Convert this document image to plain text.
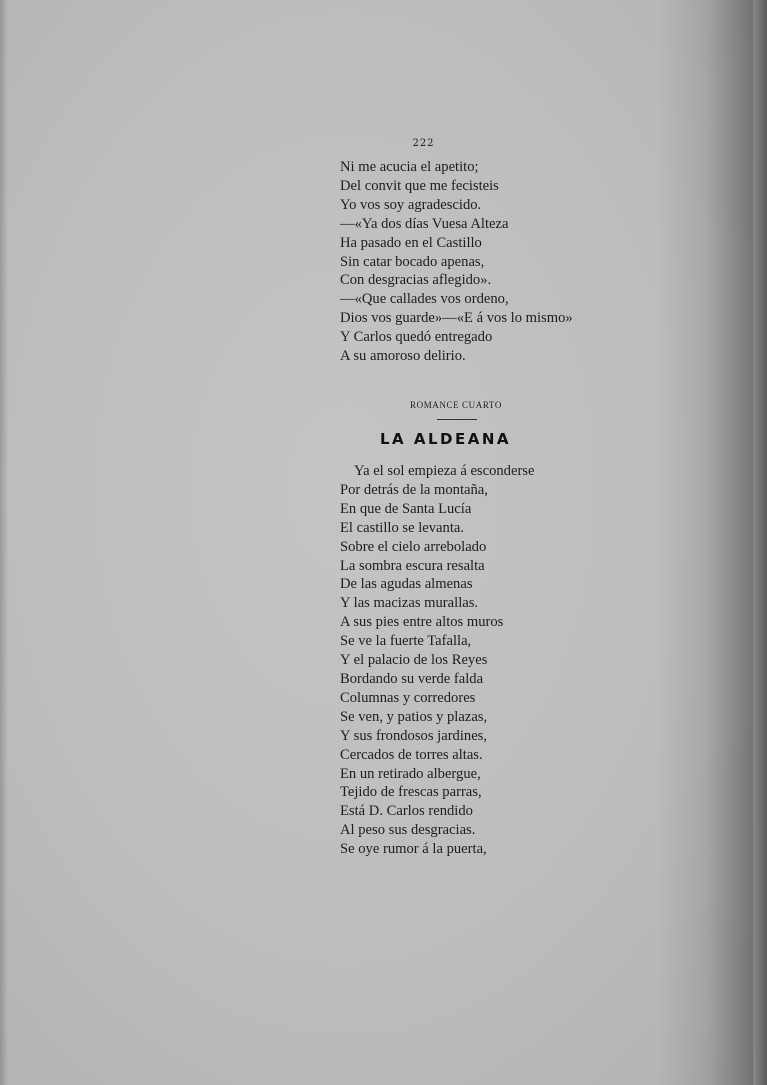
222
Ni me acucia el apetito;
Del convit que me fecisteis
Yo vos soy agradescido.
—«Ya dos días Vuesa Alteza
Ha pasado en el Castillo
Sin catar bocado apenas,
Con desgracias aflegido».
—«Que callades vos ordeno,
Dios vos guarde»—«E á vos lo mismo»
Y Carlos quedó entregado
A su amoroso delirio.
ROMANCE CUARTO
LA ALDEANA
Ya el sol empieza á esconderse
Por detrás de la montaña,
En que de Santa Lucía
El castillo se levanta.
Sobre el cielo arrebolado
La sombra escura resalta
De las agudas almenas
Y las macizas murallas.
A sus pies entre altos muros
Se ve la fuerte Tafalla,
Y el palacio de los Reyes
Bordando su verde falda
Columnas y corredores
Se ven, y patios y plazas,
Y sus frondosos jardines,
Cercados de torres altas.
En un retirado albergue,
Tejido de frescas parras,
Está D. Carlos rendido
Al peso sus desgracias.
Se oye rumor á la puerta,
